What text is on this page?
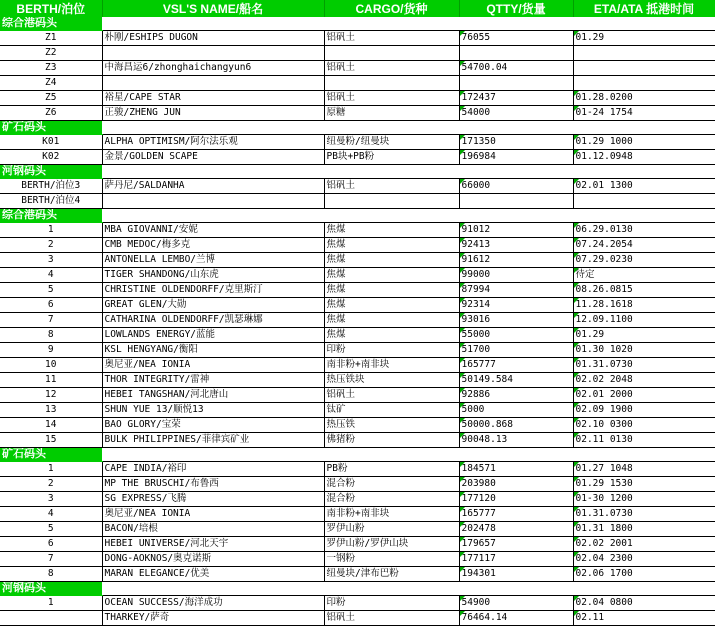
BERTH/泊位	VSL'S NAME/船名	CARGO/货种	QTTY/货量	ETA/ATA 抵港时间
综合港码头				
Z1	朴刚/ESHIPS DUGON	铝矾土	76055	01.29
Z2				
Z3	中海昌运6/zhonghaichangyun6	铝矾土	54700.04	
Z4				
Z5	裕星/CAPE STAR	铝矾土	172437	01.28.0200
Z6	正骏/ZHENG JUN	原糖	54000	01-24 1754
矿石码头				
K01	ALPHA OPTIMISM/阿尔法乐观	纽曼粉/纽曼块	171350	01.29 1000
K02	金景/GOLDEN SCAPE	PB块+PB粉	196984	01.12.0948
河钢码头				
BERTH/泊位3	萨丹尼/SALDANHA	铝矾土	66000	02.01 1300
BERTH/泊位4				
综合港码头				
1	MBA GIOVANNI/安妮	焦煤	91012	06.29.0130
2	CMB MEDOC/梅多克	焦煤	92413	07.24.2054
3	ANTONELLA LEMBO/兰博	焦煤	91612	07.29.0230
4	TIGER SHANDONG/山东虎	焦煤	99000	待定
5	CHRISTINE OLDENDORFF/克里斯汀	焦煤	87994	08.26.0815
6	GREAT GLEN/大勋	焦煤	92314	11.28.1618
7	CATHARINA OLDENDORFF/凯瑟琳娜	焦煤	93016	12.09.1100
8	LOWLANDS ENERGY/蓝能	焦煤	55000	01.29
9	KSL HENGYANG/衡阳	印粉	51700	01.30 1020
10	奥尼亚/NEA IONIA	南非粉+南非块	165777	01.31.0730
11	THOR INTEGRITY/雷神	热压铁块	50149.584	02.02 2048
12	HEBEI TANGSHAN/河北唐山	铝矾土	92886	02.01 2000
13	SHUN YUE 13/顺悦13	钛矿	5000	02.09 1900
14	BAO GLORY/宝荣	热压铁	50000.868	02.10 0300
15	BULK PHILIPPINES/菲律宾矿业	佛猪粉	90048.13	02.11 0130
矿石码头				
1	CAPE INDIA/裕印	PB粉	184571	01.27 1048
2	MP THE BRUSCHI/布鲁西	混合粉	203980	01.29 1530
3	SG EXPRESS/飞腾	混合粉	177120	01-30 1200
4	奥尼亚/NEA IONIA	南非粉+南非块	165777	01.31.0730
5	BACON/培根	罗伊山粉	202478	01.31 1800
6	HEBEI UNIVERSE/河北天宇	罗伊山粉/罗伊山块	179657	02.02 2001
7	DONG-AOKNOS/奥克诺斯	一钢粉	177117	02.04 2300
8	MARAN ELEGANCE/优美	纽曼块/津布巴粉	194301	02.06 1700
河钢码头				
1	OCEAN SUCCESS/海洋成功	印粉	54900	02.04 0800
	THARKEY/萨奇	铝矾土	76464.14	02.11
